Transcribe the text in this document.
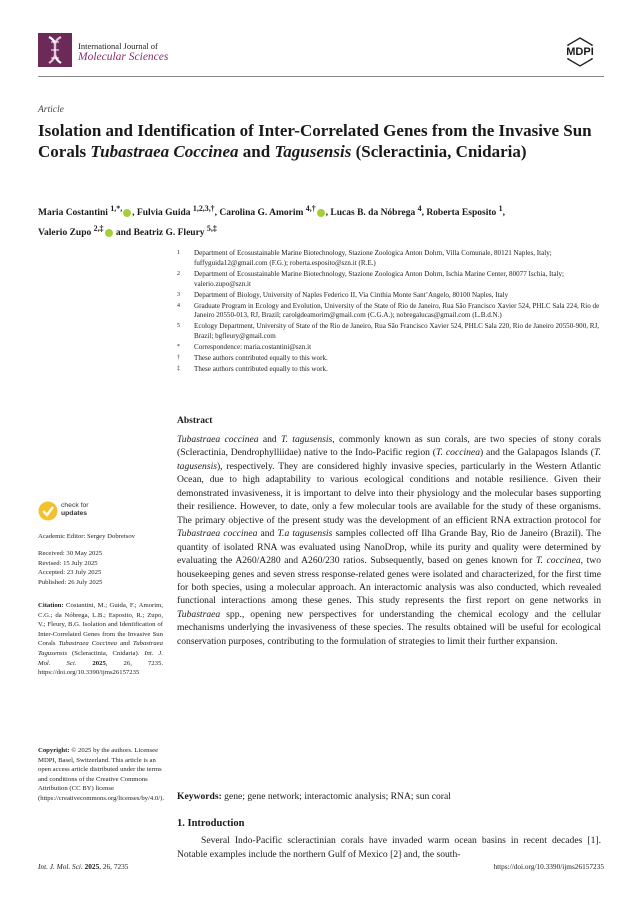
International Journal of
Molecular Sciences	MDPI
Article
Isolation and Identification of Inter-Correlated Genes from the Invasive Sun Corals Tubastraea Coccinea and Tagusensis (Scleractinia, Cnidaria)
Maria Costantini $^{1,*,}$ , Fulvia Guida $^{1,2,3,\dagger}$, Carolina G. Amorim $^{4,\dagger}$ , Lucas B. da Nóbrega $^4$, Roberta Esposito $^1$,
Valerio Zupo $^{2,\ddagger}$ and Beatriz G. Fleury $^{5,\ddagger}$
1	Department of Ecosustainable Marine Biotechnology, Stazione Zoologica Anton Dohrn, Villa Comunale, 80121 Naples, Italy; fuffyguida12@gmail.com (F.G.); roberta.esposito@szn.it (R.E.)
2	Department of Ecosustainable Marine Biotechnology, Stazione Zoologica Anton Dohrn, Ischia Marine Center, 80077 Ischia, Italy; valerio.zupo@szn.it
3	Department of Biology, University of Naples Federico II, Via Cinthia Monte Sant’Angelo, 80100 Naples, Italy
4	Graduate Program in Ecology and Evolution, University of the State of Rio de Janeiro, Rua São Francisco Xavier 524, PHLC Sala 224, Rio de Janeiro 20550-013, RJ, Brazil; carolgdeamorim@gmail.com (C.G.A.); nobregalucas@gmail.com (L.B.d.N.)
5	Ecology Department, University of State of the Rio de Janeiro, Rua São Francisco Xavier 524, PHLC Sala 220, Rio de Janeiro 20550-900, RJ, Brazil; bgfleury@gmail.com
*	Correspondence: maria.costantini@szn.it
†	These authors contributed equally to this work.
‡	These authors contributed equally to this work.
check for
updates
Academic Editor: Sergey Dobretsov
Received: 30 May 2025
Revised: 15 July 2025
Accepted: 23 July 2025
Published: 26 July 2025
Citation: Costantini, M.; Guida, F.; Amorim, C.G.; da Nóbrega, L.B.; Esposito, R.; Zupo, V.; Fleury, B.G. Isolation and Identification of Inter-Correlated Genes from the Invasive Sun Corals Tubastraea Coccinea and Tubastraea Tagusensis (Scleractinia, Cnidaria). Int. J. Mol. Sci. 2025, 26, 7235. https://doi.org/10.3390/ijms26157235
Copyright: © 2025 by the authors. Licensee MDPI, Basel, Switzerland. This article is an open access article distributed under the terms and conditions of the Creative Commons Attribution (CC BY) license (https://creativecommons.org/licenses/by/4.0/).
Abstract
Tubastraea coccinea and T. tagusensis, commonly known as sun corals, are two species of stony corals (Scleractinia, Dendrophylliidae) native to the Indo-Pacific region (T. coccinea) and the Galapagos Islands (T. tagusensis), respectively. They are considered highly invasive species, particularly in the Western Atlantic Ocean, due to high adaptability to various ecological conditions and notable resilience. Given their demonstrated invasiveness, it is important to delve into their physiology and the molecular bases supporting their resilience. However, to date, only a few molecular tools are available for the study of these organisms. The primary objective of the present study was the development of an efficient RNA extraction protocol for Tubastraea coccinea and T.a tagusensis samples collected off Ilha Grande Bay, Rio de Janeiro (Brazil). The quantity of isolated RNA was evaluated using NanoDrop, while its purity and quality were determined by evaluating the A260/A280 and A260/230 ratios. Subsequently, based on genes known for T. coccinea, two housekeeping genes and seven stress response-related genes were isolated and characterized, for the first time for both species, using a molecular approach. An interactomic analysis was also conducted, which revealed functional interactions among these genes. This study represents the first report on gene networks in Tubastraea spp., opening new perspectives for understanding the chemical ecology and the cellular mechanisms underlying the invasiveness of these species. The results obtained will be useful for ecological conservation purposes, contributing to the formulation of strategies to limit their further expansion.
Keywords: gene; gene network; interactomic analysis; RNA; sun coral
1. Introduction

Several Indo-Pacific scleractinian corals have invaded warm ocean basins in recent decades [1]. Notable examples include the northern Gulf of Mexico [2] and, the south-

Int. J. Mol. Sci. 2025, 26, 7235	https://doi.org/10.3390/ijms26157235
